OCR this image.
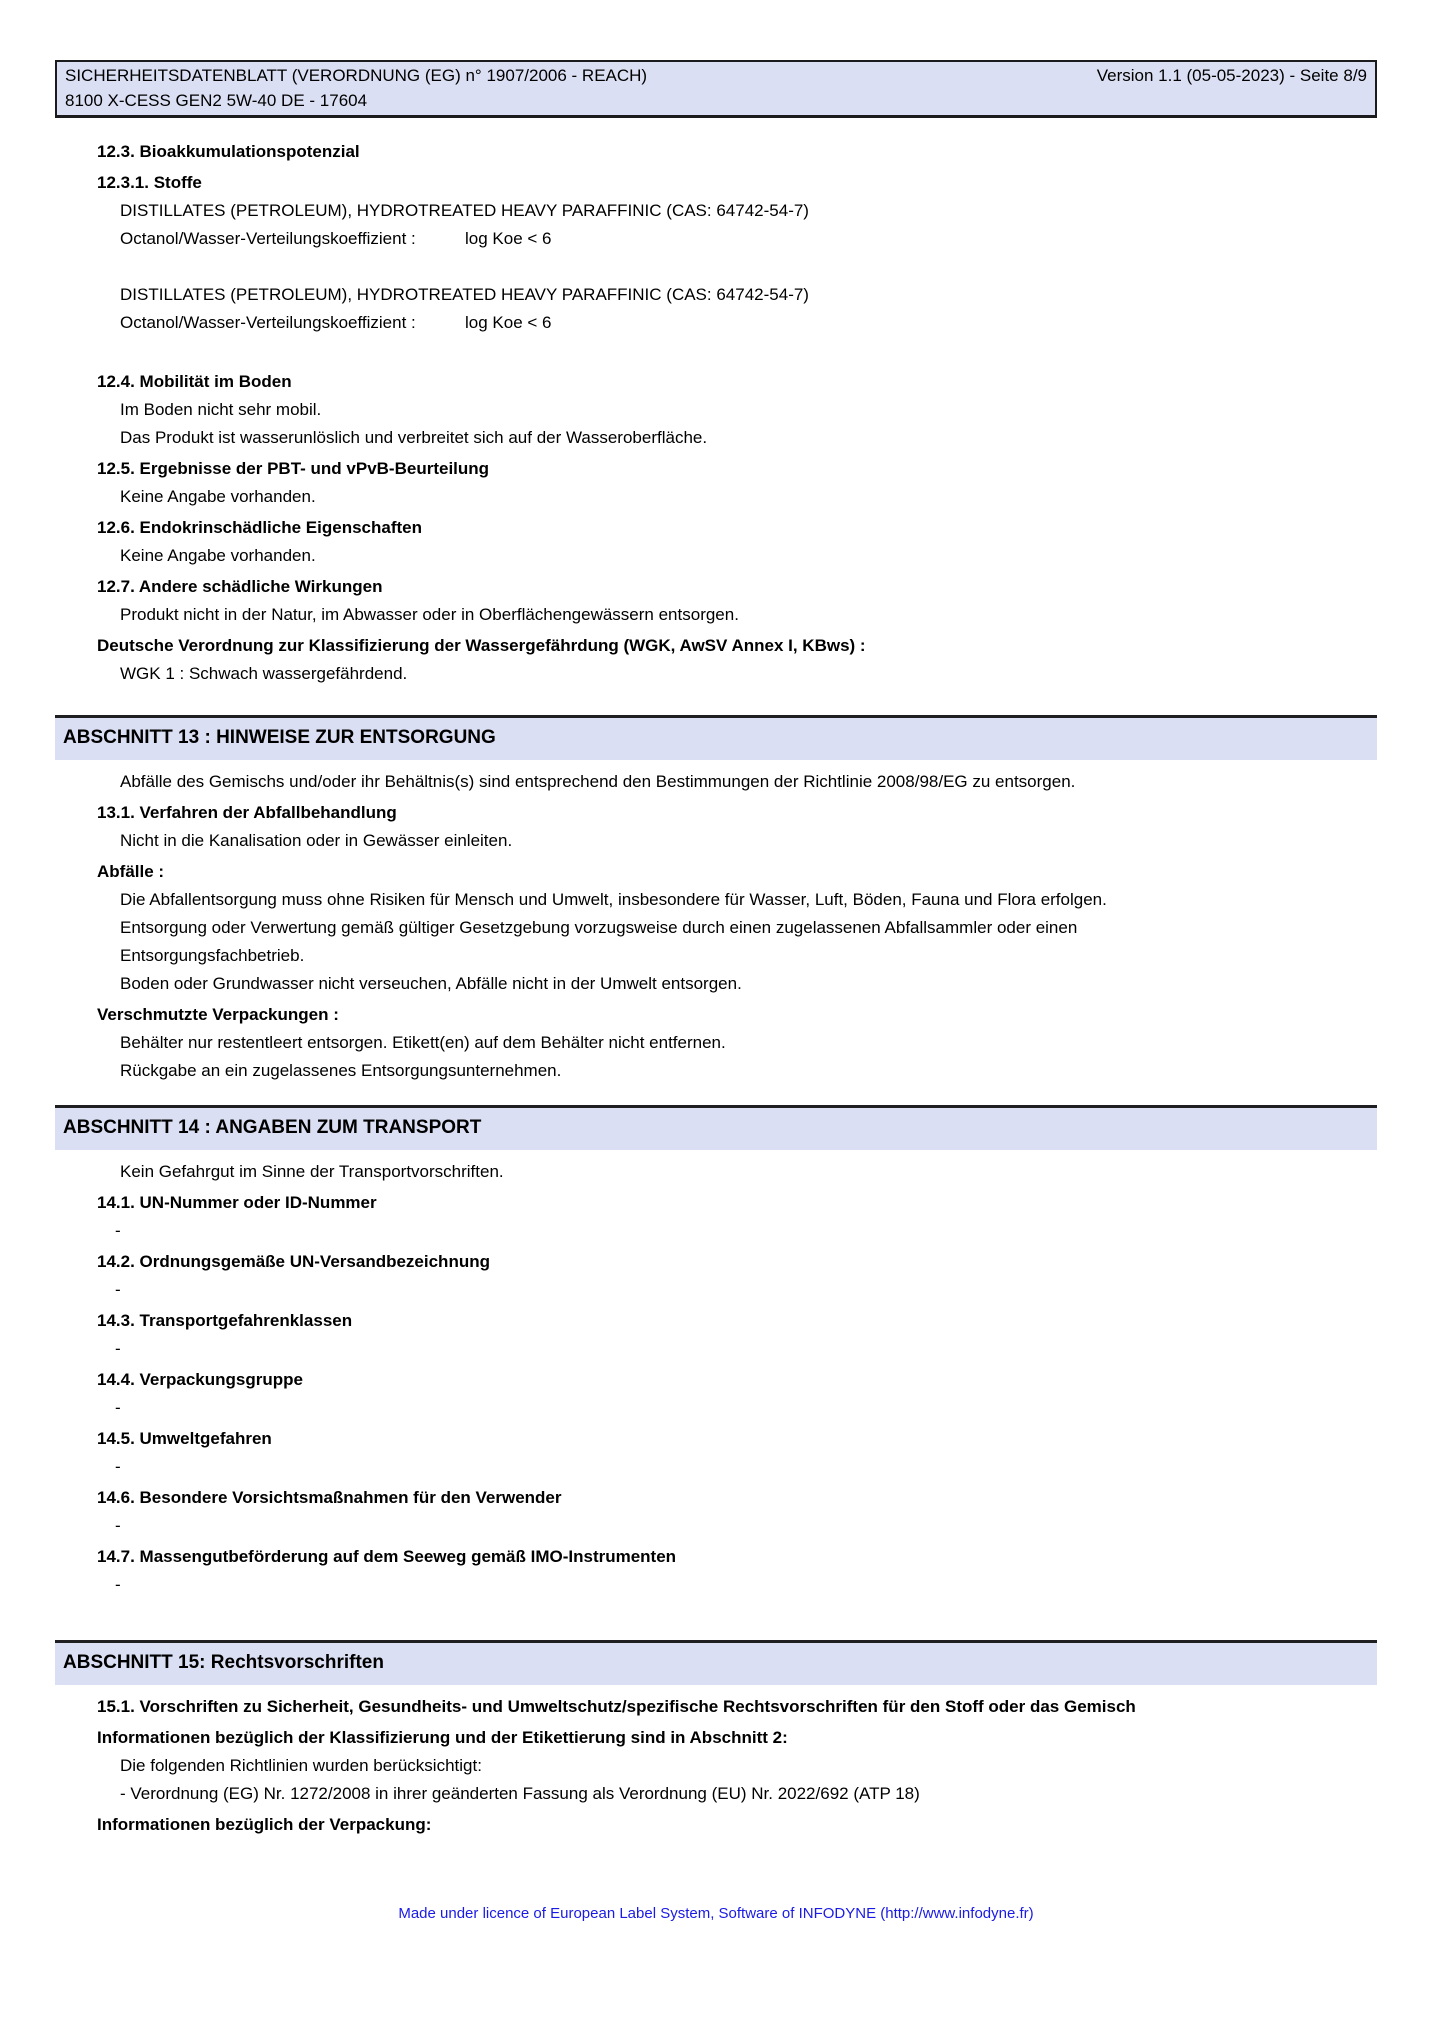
SICHERHEITSDATENBLATT (VERORDNUNG (EG) n° 1907/2006 - REACH)	Version 1.1 (05-05-2023) - Seite 8/9
8100 X-CESS GEN2 5W-40 DE - 17604
12.3. Bioakkumulationspotenzial
12.3.1. Stoffe
DISTILLATES (PETROLEUM), HYDROTREATED HEAVY PARAFFINIC (CAS: 64742-54-7)
Octanol/Wasser-Verteilungskoeffizient :	log Koe < 6
DISTILLATES (PETROLEUM), HYDROTREATED HEAVY PARAFFINIC (CAS: 64742-54-7)
Octanol/Wasser-Verteilungskoeffizient :	log Koe < 6
12.4. Mobilität im Boden
Im Boden nicht sehr mobil.
Das Produkt ist wasserunlöslich und verbreitet sich auf der Wasseroberfläche.
12.5. Ergebnisse der PBT- und vPvB-Beurteilung
Keine Angabe vorhanden.
12.6. Endokrinschädliche Eigenschaften
Keine Angabe vorhanden.
12.7. Andere schädliche Wirkungen
Produkt nicht in der Natur, im Abwasser oder in Oberflächengewässern entsorgen.
Deutsche Verordnung zur Klassifizierung der Wassergefährdung (WGK, AwSV Annex I, KBws) :
WGK 1 : Schwach wassergefährdend.
ABSCHNITT 13 : HINWEISE ZUR ENTSORGUNG
Abfälle des Gemischs und/oder ihr Behältnis(s) sind entsprechend den Bestimmungen der Richtlinie 2008/98/EG zu entsorgen.
13.1. Verfahren der Abfallbehandlung
Nicht in die Kanalisation oder in Gewässer einleiten.
Abfälle :
Die Abfallentsorgung muss ohne Risiken für Mensch und Umwelt, insbesondere für Wasser, Luft, Böden, Fauna und Flora erfolgen.
Entsorgung oder Verwertung gemäß gültiger Gesetzgebung vorzugsweise durch einen zugelassenen Abfallsammler oder einen
Entsorgungsfachbetrieb.
Boden oder Grundwasser nicht verseuchen, Abfälle nicht in der Umwelt entsorgen.
Verschmutzte Verpackungen :
Behälter nur restentleert entsorgen. Etikett(en) auf dem Behälter nicht entfernen.
Rückgabe an ein zugelassenes Entsorgungsunternehmen.
ABSCHNITT 14 : ANGABEN ZUM TRANSPORT
Kein Gefahrgut im Sinne der Transportvorschriften.
14.1. UN-Nummer oder ID-Nummer
-
14.2. Ordnungsgemäße UN-Versandbezeichnung
-
14.3. Transportgefahrenklassen
-
14.4. Verpackungsgruppe
-
14.5. Umweltgefahren
-
14.6. Besondere Vorsichtsmaßnahmen für den Verwender
-
14.7. Massengutbeförderung auf dem Seeweg gemäß IMO-Instrumenten
-
ABSCHNITT 15: Rechtsvorschriften
15.1. Vorschriften zu Sicherheit, Gesundheits- und Umweltschutz/spezifische Rechtsvorschriften für den Stoff oder das Gemisch
Informationen bezüglich der Klassifizierung und der Etikettierung sind in Abschnitt 2:
Die folgenden Richtlinien wurden berücksichtigt:
- Verordnung (EG) Nr. 1272/2008 in ihrer geänderten Fassung als Verordnung (EU) Nr. 2022/692 (ATP 18)
Informationen bezüglich der Verpackung:
Made under licence of European Label System, Software of INFODYNE (http://www.infodyne.fr)
